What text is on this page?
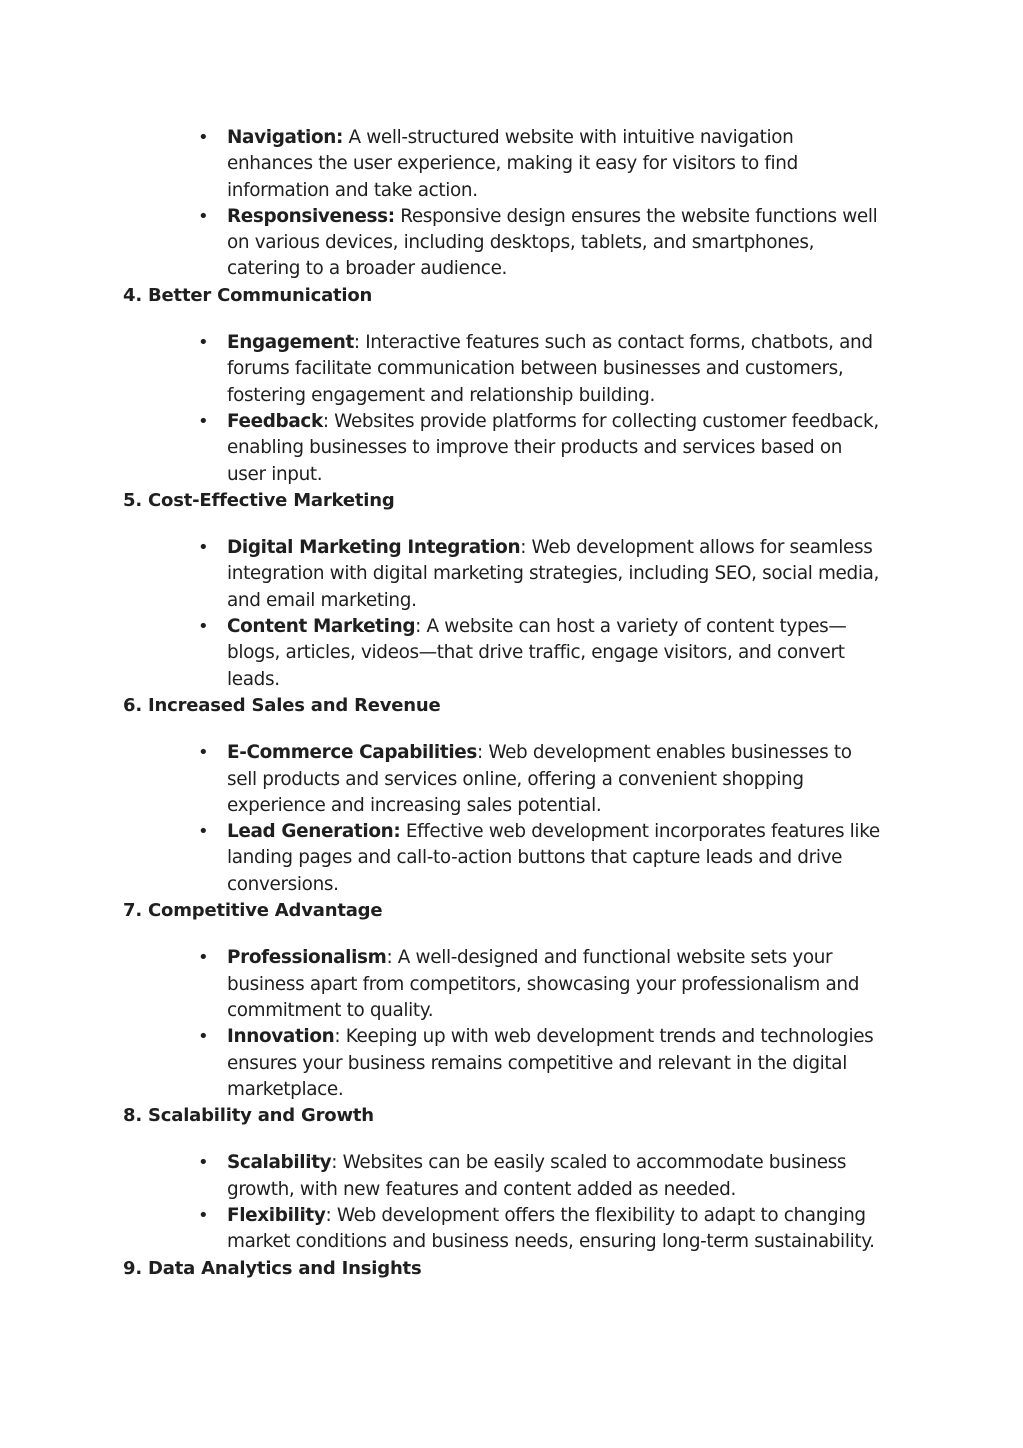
• Navigation: A well-structured website with intuitive navigation enhances the user experience, making it easy for visitors to find information and take action.
• Responsiveness: Responsive design ensures the website functions well on various devices, including desktops, tablets, and smartphones, catering to a broader audience.

4. Better Communication

• Engagement: Interactive features such as contact forms, chatbots, and forums facilitate communication between businesses and customers, fostering engagement and relationship building.
• Feedback: Websites provide platforms for collecting customer feedback, enabling businesses to improve their products and services based on user input.

5. Cost-Effective Marketing

• Digital Marketing Integration: Web development allows for seamless integration with digital marketing strategies, including SEO, social media, and email marketing.
• Content Marketing: A website can host a variety of content types—blogs, articles, videos—that drive traffic, engage visitors, and convert leads.

6. Increased Sales and Revenue

• E-Commerce Capabilities: Web development enables businesses to sell products and services online, offering a convenient shopping experience and increasing sales potential.
• Lead Generation: Effective web development incorporates features like landing pages and call-to-action buttons that capture leads and drive conversions.

7. Competitive Advantage

• Professionalism: A well-designed and functional website sets your business apart from competitors, showcasing your professionalism and commitment to quality.
• Innovation: Keeping up with web development trends and technologies ensures your business remains competitive and relevant in the digital marketplace.

8. Scalability and Growth

• Scalability: Websites can be easily scaled to accommodate business growth, with new features and content added as needed.
• Flexibility: Web development offers the flexibility to adapt to changing market conditions and business needs, ensuring long-term sustainability.

9. Data Analytics and Insights
